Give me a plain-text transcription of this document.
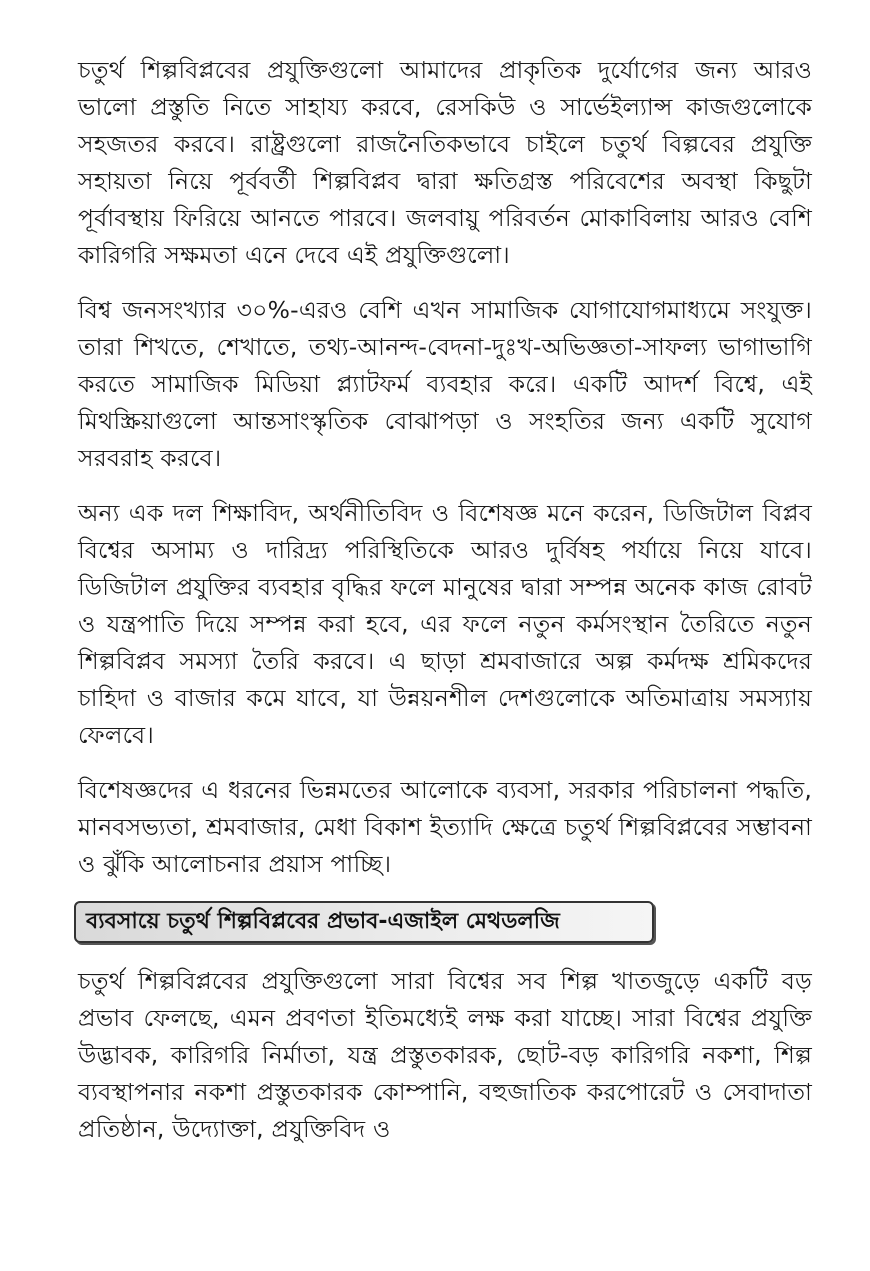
চতুর্থ শিল্পবিপ্লবের প্রযুক্তিগুলো আমাদের প্রাকৃতিক দুর্যোগের জন্য আরও ভালো প্রস্তুতি নিতে সাহায্য করবে, রেসকিউ ও সার্ভেইল্যান্স কাজগুলোকে সহজতর করবে। রাষ্ট্রগুলো রাজনৈতিকভাবে চাইলে চতুর্থ বিল্পবের প্রযুক্তি সহায়তা নিয়ে পূর্ববর্তী শিল্পবিপ্লব দ্বারা ক্ষতিগ্রস্ত পরিবেশের অবস্থা কিছুটা পূর্বাবস্থায় ফিরিয়ে আনতে পারবে। জলবায়ু পরিবর্তন মোকাবিলায় আরও বেশি কারিগরি সক্ষমতা এনে দেবে এই প্রযুক্তিগুলো।

বিশ্ব জনসংখ্যার ৩০%-এরও বেশি এখন সামাজিক যোগাযোগমাধ্যমে সংযুক্ত। তারা শিখতে, শেখাতে, তথ্য-আনন্দ-বেদনা-দুঃখ-অভিজ্ঞতা-সাফল্য ভাগাভাগি করতে সামাজিক মিডিয়া প্ল্যাটফর্ম ব্যবহার করে। একটি আদর্শ বিশ্বে, এই মিথস্ক্রিয়াগুলো আন্তসাংস্কৃতিক বোঝাপড়া ও সংহতির জন্য একটি সুযোগ সরবরাহ করবে।

অন্য এক দল শিক্ষাবিদ, অর্থনীতিবিদ ও বিশেষজ্ঞ মনে করেন, ডিজিটাল বিপ্লব বিশ্বের অসাম্য ও দারিদ্র্য পরিস্থিতিকে আরও দুর্বিষহ পর্যায়ে নিয়ে যাবে। ডিজিটাল প্রযুক্তির ব্যবহার বৃদ্ধির ফলে মানুষের দ্বারা সম্পন্ন অনেক কাজ রোবট ও যন্ত্রপাতি দিয়ে সম্পন্ন করা হবে, এর ফলে নতুন কর্মসংস্থান তৈরিতে নতুন শিল্পবিপ্লব সমস্যা তৈরি করবে। এ ছাড়া শ্রমবাজারে অল্প কর্মদক্ষ শ্রমিকদের চাহিদা ও বাজার কমে যাবে, যা উন্নয়নশীল দেশগুলোকে অতিমাত্রায় সমস্যায় ফেলবে।

বিশেষজ্ঞদের এ ধরনের ভিন্নমতের আলোকে ব্যবসা, সরকার পরিচালনা পদ্ধতি, মানবসভ্যতা, শ্রমবাজার, মেধা বিকাশ ইত্যাদি ক্ষেত্রে চতুর্থ শিল্পবিপ্লবের সম্ভাবনা ও ঝুঁকি আলোচনার প্রয়াস পাচ্ছি।

ব্যবসায়ে চতুর্থ শিল্পবিপ্লবের প্রভাব-এজাইল মেথডলজি

চতুর্থ শিল্পবিপ্লবের প্রযুক্তিগুলো সারা বিশ্বের সব শিল্প খাতজুড়ে একটি বড় প্রভাব ফেলছে, এমন প্রবণতা ইতিমধ্যেই লক্ষ করা যাচ্ছে। সারা বিশ্বের প্রযুক্তি উদ্ভাবক, কারিগরি নির্মাতা, যন্ত্র প্রস্তুতকারক, ছোট-বড় কারিগরি নকশা, শিল্প ব্যবস্থাপনার নকশা প্রস্তুতকারক কোম্পানি, বহুজাতিক করপোরেট ও সেবাদাতা প্রতিষ্ঠান, উদ্যোক্তা, প্রযুক্তিবিদ ও
